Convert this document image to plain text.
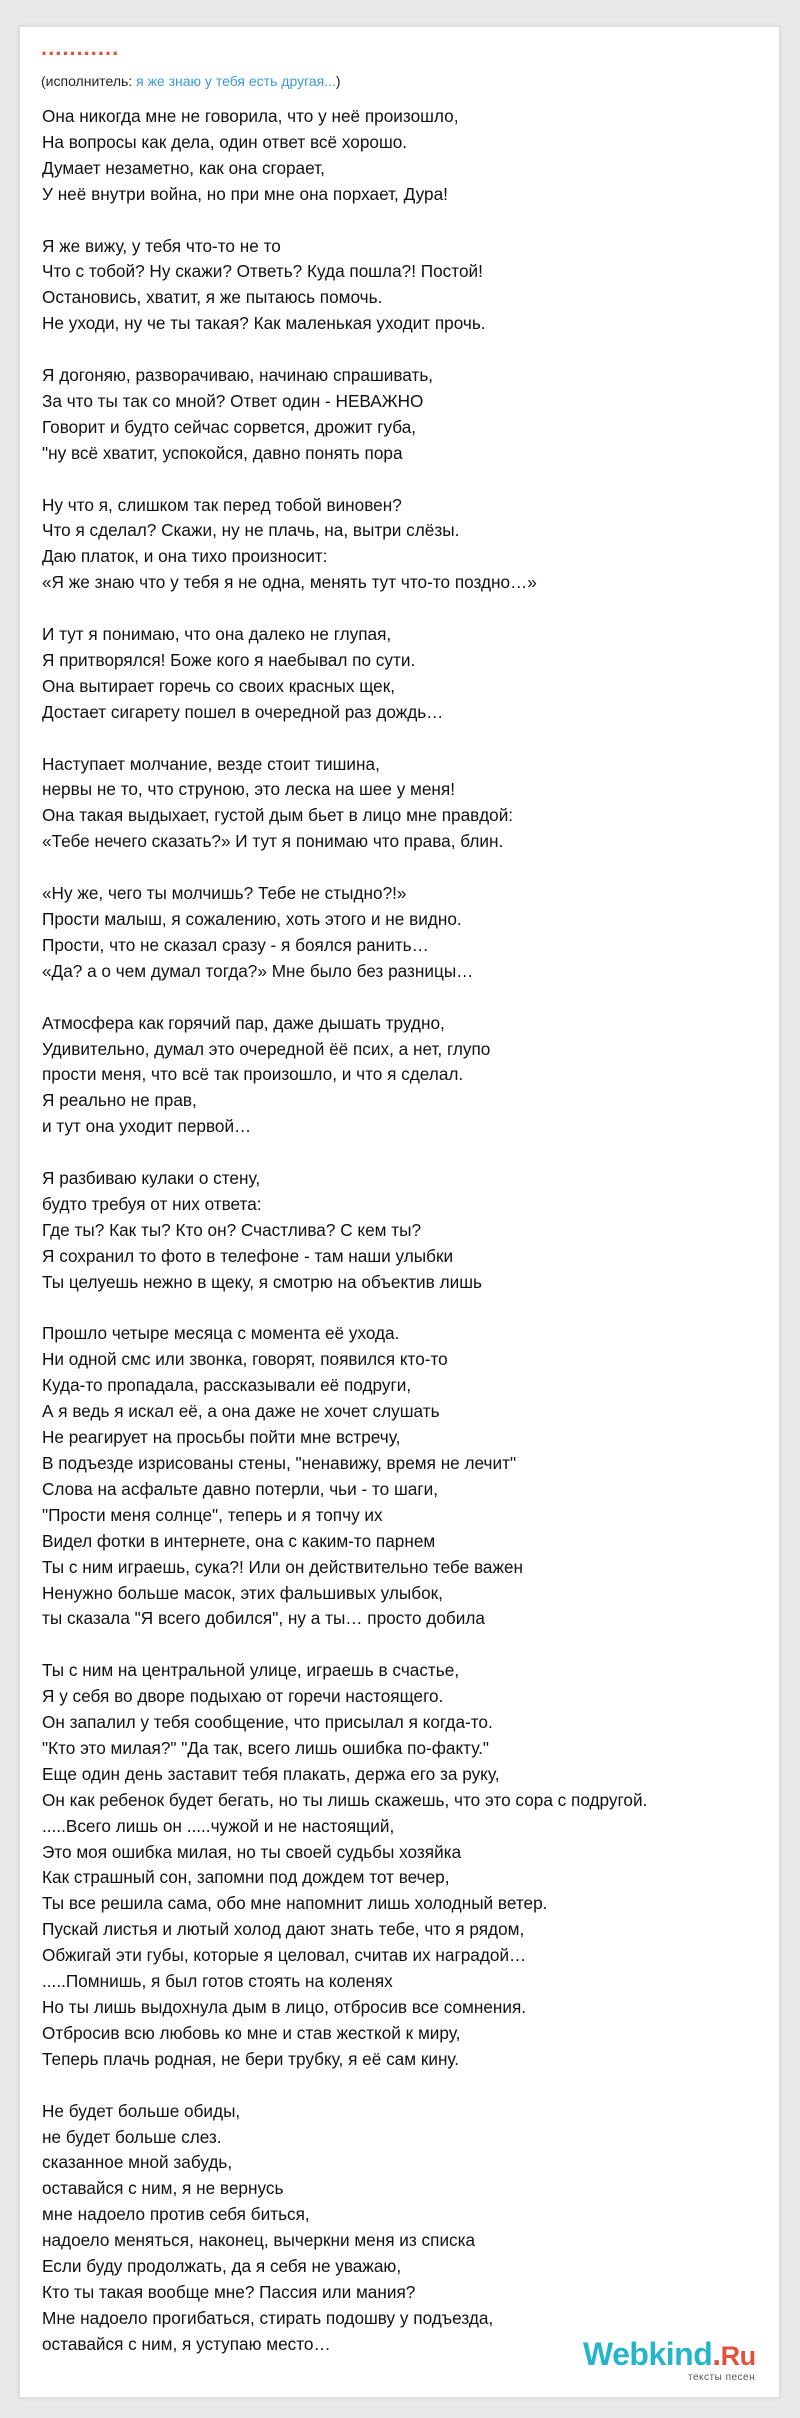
...........
(исполнитель: я же знаю у тебя есть другая...)
Она никогда мне не говорила, что у неё произошло,
На вопросы как дела, один ответ всё хорошо.
Думает незаметно, как она сгорает,
У неё внутри война, но при мне она порхает, Дура!
Я же вижу, у тебя что-то не то
Что с тобой? Ну скажи? Ответь? Куда пошла?! Постой!
Остановись, хватит, я же пытаюсь помочь.
Не уходи, ну че ты такая? Как маленькая уходит прочь.
Я догоняю, разворачиваю, начинаю спрашивать,
За что ты так со мной? Ответ один - НЕВАЖНО
Говорит и будто сейчас сорвется, дрожит губа,
"ну всё хватит, успокойся, давно понять пора
Ну что я, слишком так перед тобой виновен?
Что я сделал? Скажи, ну не плачь, на, вытри слёзы.
Даю платок, и она тихо произносит:
«Я же знаю что у тебя я не одна, менять тут что-то поздно…»
И тут я понимаю, что она далеко не глупая,
Я притворялся! Боже кого я наебывал по сути.
Она вытирает горечь со своих красных щек,
Достает сигарету пошел в очередной раз дождь…
Наступает молчание, везде стоит тишина,
нервы не то, что струною, это леска на шее у меня!
Она такая выдыхает, густой дым бьет в лицо мне правдой:
«Тебе нечего сказать?» И тут я понимаю что права, блин.
«Ну же, чего ты молчишь? Тебе не стыдно?!»
Прости малыш, я сожалению, хоть этого и не видно.
Прости, что не сказал сразу - я боялся ранить…
«Да? а о чем думал тогда?» Мне было без разницы…
Атмосфера как горячий пар, даже дышать трудно,
Удивительно, думал это очередной ёё псих, а нет, глупо
прости меня, что всё так произошло, и что я сделал.
Я реально не прав,
и тут она уходит первой…
Я разбиваю кулаки о стену,
будто требуя от них ответа:
Где ты? Как ты? Кто он? Счастлива? С кем ты?
Я сохранил то фото в телефоне - там наши улыбки
Ты целуешь нежно в щеку, я смотрю на объектив лишь
Прошло четыре месяца с момента её ухода.
Ни одной смс или звонка, говорят, появился кто-то
Куда-то пропадала, рассказывали её подруги,
А я ведь я искал её, а она даже не хочет слушать
Не реагирует на просьбы пойти мне встречу,
В подъезде изрисованы стены, "ненавижу, время не лечит"
Слова на асфальте давно потерли, чьи - то шаги,
"Прости меня солнце", теперь и я топчу их
Видел фотки в интернете, она с каким-то парнем
Ты с ним играешь, сука?! Или он действительно тебе важен
Ненужно больше масок, этих фальшивых улыбок,
ты сказала "Я всего добился", ну а ты… просто добила
Ты с ним на центральной улице, играешь в счастье,
Я у себя во дворе подыхаю от горечи настоящего.
Он запалил у тебя сообщение, что присылал я когда-то.
"Кто это милая?" "Да так, всего лишь ошибка по-факту."
Еще один день заставит тебя плакать, держа его за руку,
Он как ребенок будет бегать, но ты лишь скажешь, что это сора с подругой.
.....Всего лишь он .....чужой и не настоящий,
Это моя ошибка милая, но ты своей судьбы хозяйка
Как страшный сон, запомни под дождем тот вечер,
Ты все решила сама, обо мне напомнит лишь холодный ветер.
Пускай листья и лютый холод дают знать тебе, что я рядом,
Обжигай эти губы, которые я целовал, считав их наградой…
.....Помнишь, я был готов стоять на коленях
Но ты лишь выдохнула дым в лицо, отбросив все сомнения.
Отбросив всю любовь ко мне и став жесткой к миру,
Теперь плачь родная, не бери трубку, я её сам кину.
Не будет больше обиды,
не будет больше слез.
сказанное мной забудь,
оставайся с ним, я не вернусь
мне надоело против себя биться,
надоело меняться, наконец, вычеркни меня из списка
Если буду продолжать, да я себя не уважаю,
Кто ты такая вообще мне? Пассия или мания?
Мне надоело прогибаться, стирать подошву у подъезда,
оставайся с ним, я уступаю место…	Webkind.Ru
тексты песен
